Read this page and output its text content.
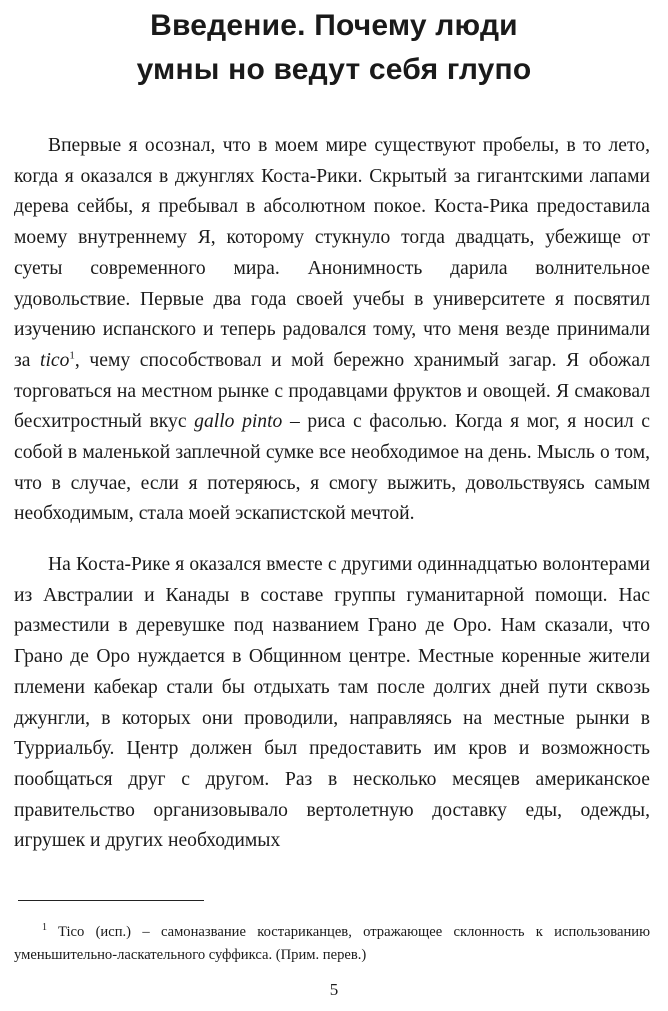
Введение. Почему люди
умны но ведут себя глупо

Впервые я осознал, что в моем мире существуют пробелы, в то лето, когда я оказался в джунглях Коста-Рики. Скрытый за гигантскими лапами дерева сейбы, я пребывал в абсолютном покое. Коста-Рика предоставила моему внутреннему Я, которому стукнуло тогда двадцать, убежище от суеты современного мира. Анонимность дарила волнительное удовольствие. Первые два года своей учебы в университете я посвятил изучению испанского и теперь радовался тому, что меня везде принимали за tico$^1$, чему способствовал и мой бережно хранимый загар. Я обожал торговаться на местном рынке с продавцами фруктов и овощей. Я смаковал бесхитростный вкус gallo pinto – риса с фасолью. Когда я мог, я носил с собой в маленькой заплечной сумке все необходимое на день. Мысль о том, что в случае, если я потеряюсь, я смогу выжить, довольствуясь самым необходимым, стала моей эскапистской мечтой.

На Коста-Рике я оказался вместе с другими одиннадцатью волонтерами из Австралии и Канады в составе группы гуманитарной помощи. Нас разместили в деревушке под названием Грано де Оро. Нам сказали, что Грано де Оро нуждается в Общинном центре. Местные коренные жители племени кабекар стали бы отдыхать там после долгих дней пути сквозь джунгли, в которых они проводили, направляясь на местные рынки в Турриальбу. Центр должен был предоставить им кров и возможность пообщаться друг с другом. Раз в несколько месяцев американское правительство организовывало вертолетную доставку еды, одежды, игрушек и других необходимых

$^1$ Tico (исп.) – самоназвание костариканцев, отражающее склонность к использованию уменьшительно-ласкательного суффикса. (Прим. перев.)

5
